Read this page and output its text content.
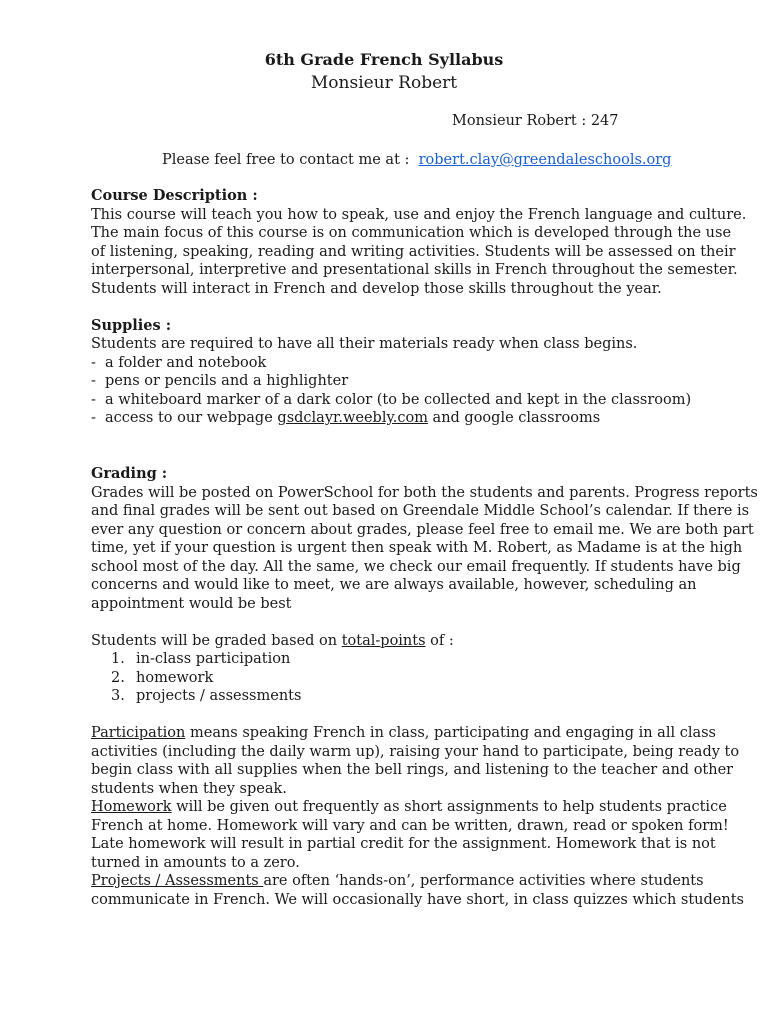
6th Grade French Syllabus
Monsieur Robert
Monsieur Robert : 247
Please feel free to contact me at : robert.clay@greendaleschools.org
Course Description :
This course will teach you how to speak, use and enjoy the French language and culture.
The main focus of this course is on communication which is developed through the use
of listening, speaking, reading and writing activities. Students will be assessed on their
interpersonal, interpretive and presentational skills in French throughout the semester.
Students will interact in French and develop those skills throughout the year.
Supplies :
Students are required to have all their materials ready when class begins.
- a folder and notebook
- pens or pencils and a highlighter
- a whiteboard marker of a dark color (to be collected and kept in the classroom)
- access to our webpage gsdclayr.weebly.com and google classrooms
Grading :
Grades will be posted on PowerSchool for both the students and parents. Progress reports
and final grades will be sent out based on Greendale Middle School’s calendar. If there is
ever any question or concern about grades, please feel free to email me. We are both part
time, yet if your question is urgent then speak with M. Robert, as Madame is at the high
school most of the day. All the same, we check our email frequently. If students have big
concerns and would like to meet, we are always available, however, scheduling an
appointment would be best
Students will be graded based on total-points of :
1. in-class participation
2. homework
3. projects / assessments
Participation means speaking French in class, participating and engaging in all class
activities (including the daily warm up), raising your hand to participate, being ready to
begin class with all supplies when the bell rings, and listening to the teacher and other
students when they speak.
Homework will be given out frequently as short assignments to help students practice
French at home. Homework will vary and can be written, drawn, read or spoken form!
Late homework will result in partial credit for the assignment. Homework that is not
turned in amounts to a zero.
Projects / Assessments are often ‘hands-on’, performance activities where students
communicate in French. We will occasionally have short, in class quizzes which students
